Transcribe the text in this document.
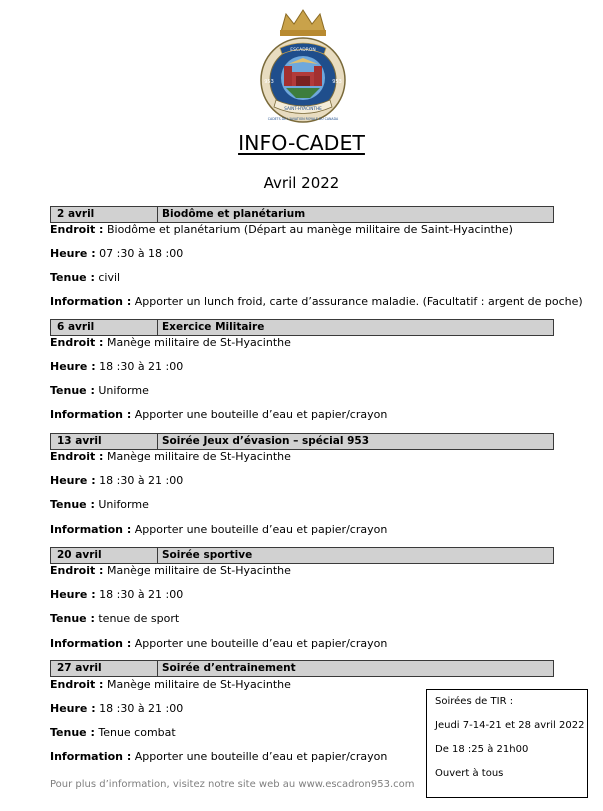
ESCADRON
953	953
SAINT-HYACINTHE
CADETS DE L'AVIATION ROYALE DU CANADA
INFO-CADET
Avril 2022
2 avril	Biodôme et planétarium
Endroit : Biodôme et planétarium (Départ au manège militaire de Saint-Hyacinthe)
Heure : 07 :30 à 18 :00
Tenue : civil
Information : Apporter un lunch froid, carte d’assurance maladie. (Facultatif : argent de poche)
6 avril	Exercice Militaire
Endroit : Manège militaire de St-Hyacinthe
Heure : 18 :30 à 21 :00
Tenue : Uniforme
Information : Apporter une bouteille d’eau et papier/crayon
13 avril	Soirée Jeux d’évasion – spécial 953
Endroit : Manège militaire de St-Hyacinthe
Heure : 18 :30 à 21 :00
Tenue : Uniforme
Information : Apporter une bouteille d’eau et papier/crayon
20 avril	Soirée sportive
Endroit : Manège militaire de St-Hyacinthe
Heure : 18 :30 à 21 :00
Tenue : tenue de sport
Information : Apporter une bouteille d’eau et papier/crayon
27 avril	Soirée d’entrainement
Endroit : Manège militaire de St-Hyacinthe
Heure : 18 :30 à 21 :00
Tenue : Tenue combat
Information : Apporter une bouteille d’eau et papier/crayon
Soirées de TIR :
Jeudi 7-14-21 et 28 avril 2022
De 18 :25 à 21h00
Ouvert à tous
Pour plus d’information, visitez notre site web au www.escadron953.com
